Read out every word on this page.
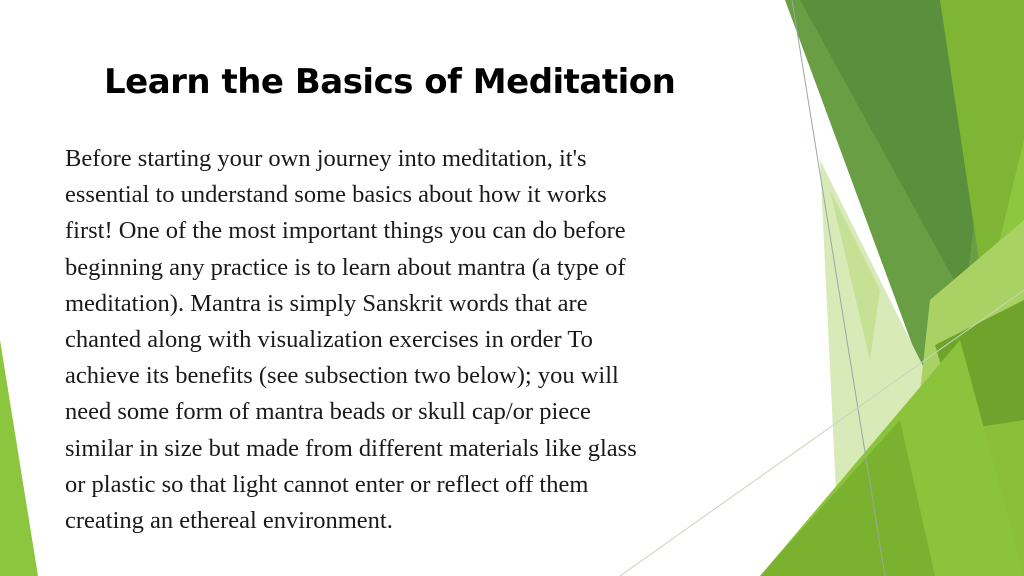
Learn the Basics of Meditation
Before starting your own journey into meditation, it's
essential to understand some basics about how it works
first! One of the most important things you can do before
beginning any practice is to learn about mantra (a type of
meditation). Mantra is simply Sanskrit words that are
chanted along with visualization exercises in order To
achieve its benefits (see subsection two below); you will
need some form of mantra beads or skull cap/or piece
similar in size but made from different materials like glass
or plastic so that light cannot enter or reflect off them
creating an ethereal environment.
